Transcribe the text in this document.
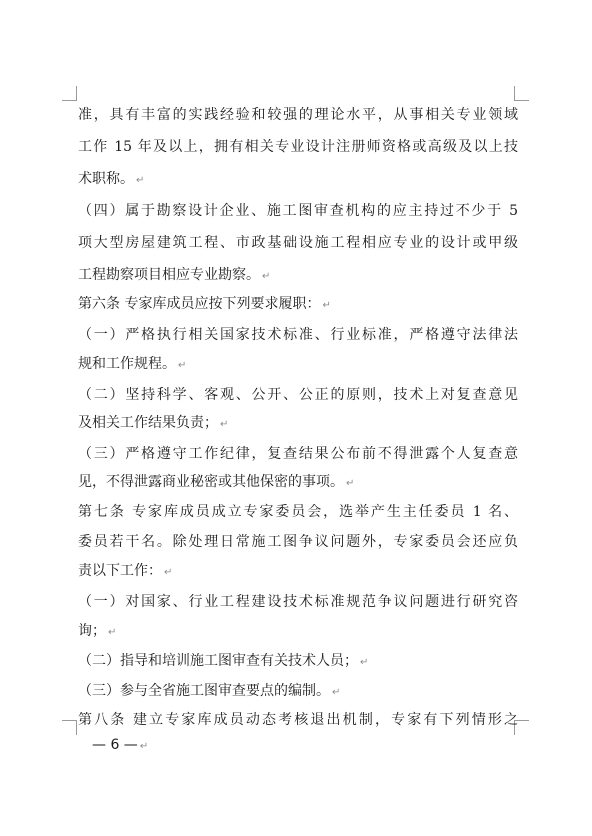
准，具有丰富的实践经验和较强的理论水平，从事相关专业领域
工作 15 年及以上，拥有相关专业设计注册师资格或高级及以上技
术职称。 ↵
（四）属于勘察设计企业、施工图审查机构的应主持过不少于 5
项大型房屋建筑工程、市政基础设施工程相应专业的设计或甲级
工程勘察项目相应专业勘察。 ↵
第六条 专家库成员应按下列要求履职： ↵
（一）严格执行相关国家技术标准、行业标准，严格遵守法律法
规和工作规程。 ↵
（二）坚持科学、客观、公开、公正的原则，技术上对复查意见
及相关工作结果负责； ↵
（三）严格遵守工作纪律，复查结果公布前不得泄露个人复查意
见，不得泄露商业秘密或其他保密的事项。 ↵
第七条 专家库成员成立专家委员会，选举产生主任委员 1 名、
委员若干名。除处理日常施工图争议问题外，专家委员会还应负
责以下工作： ↵
（一）对国家、行业工程建设技术标准规范争议问题进行研究咨
询； ↵
（二）指导和培训施工图审查有关技术人员； ↵
（三）参与全省施工图审查要点的编制。 ↵
第八条 建立专家库成员动态考核退出机制，专家有下列情形之
— 6 — ↵
